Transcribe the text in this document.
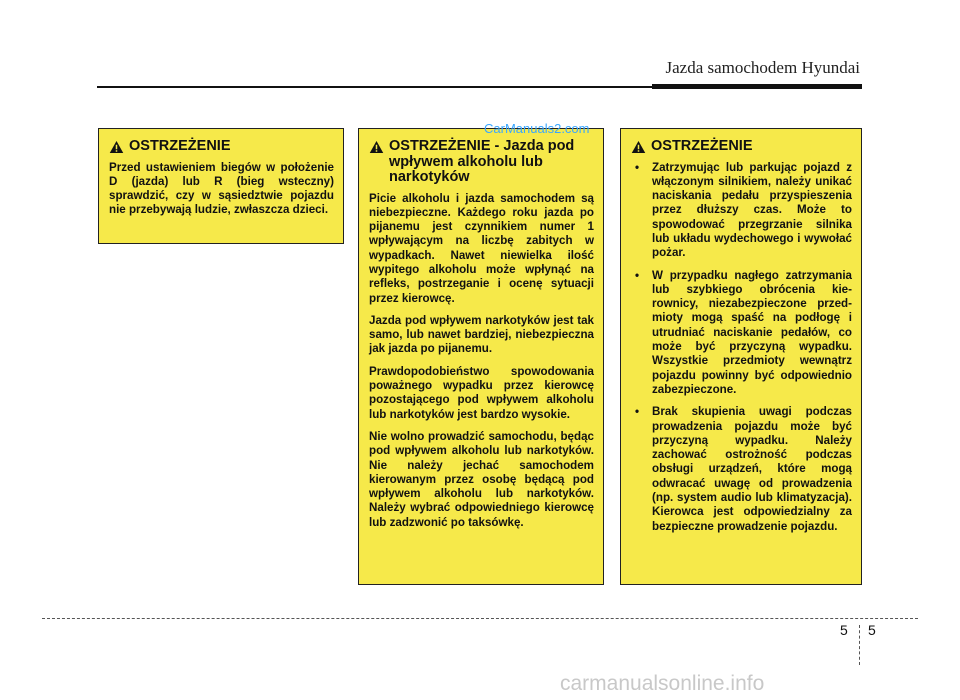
Jazda samochodem Hyundai
OSTRZEŻENIE

Przed ustawieniem biegów w położenie D (jazda) lub R (bieg wsteczny) sprawdzić, czy w sąsiedztwie pojazdu nie przebywają ludzie, zwłaszcza dzieci.

OSTRZEŻENIE - Jazda pod wpływem alkoholu lub narkotyków

Picie alkoholu i jazda samochodem są niebezpieczne. Każdego roku jazda po pijanemu jest czynnikiem numer 1 wpływającym na liczbę zabitych w wypadkach. Nawet niewielka ilość wypitego alkoholu może wpłynąć na refleks, postrzeganie i ocenę sytuacji przez kierowcę.

Jazda pod wpływem narkotyków jest tak samo, lub nawet bardziej, niebezpieczna jak jazda po pijanemu.

Prawdopodobieństwo spowodowania poważnego wypadku przez kierowcę pozostającego pod wpływem alkoholu lub narkotyków jest bardzo wysokie.

Nie wolno prowadzić samochodu, będąc pod wpływem alkoholu lub narkotyków. Nie należy jechać samochodem kierowanym przez osobę będącą pod wpływem alkoholu lub narkotyków. Należy wybrać odpowiedniego kierowcę lub zadzwonić po taksówkę.

OSTRZEŻENIE
• Zatrzymując lub parkując pojazd z włączonym silnikiem, należy unikać naciskania pedału przyspieszenia przez dłuższy czas. Może to spowodować przegrzanie silnika lub układu wydechowego i wywołać pożar.
• W przypadku nagłego zatrzymania lub szybkiego obrócenia kierownicy, niezabezpieczone przedmioty mogą spaść na podłogę i utrudniać naciskanie pedałów, co może być przyczyną wypadku. Wszystkie przedmioty wewnątrz pojazdu powinny być odpowiednio zabezpieczone.
• Brak skupienia uwagi podczas prowadzenia pojazdu może być przyczyną wypadku. Należy zachować ostrożność podczas obsługi urządzeń, które mogą odwracać uwagę od prowadzenia (np. system audio lub klimatyzacja). Kierowca jest odpowiedzialny za bezpieczne prowadzenie pojazdu.
CarManuals2.com
5 5
carmanualsonline.info
